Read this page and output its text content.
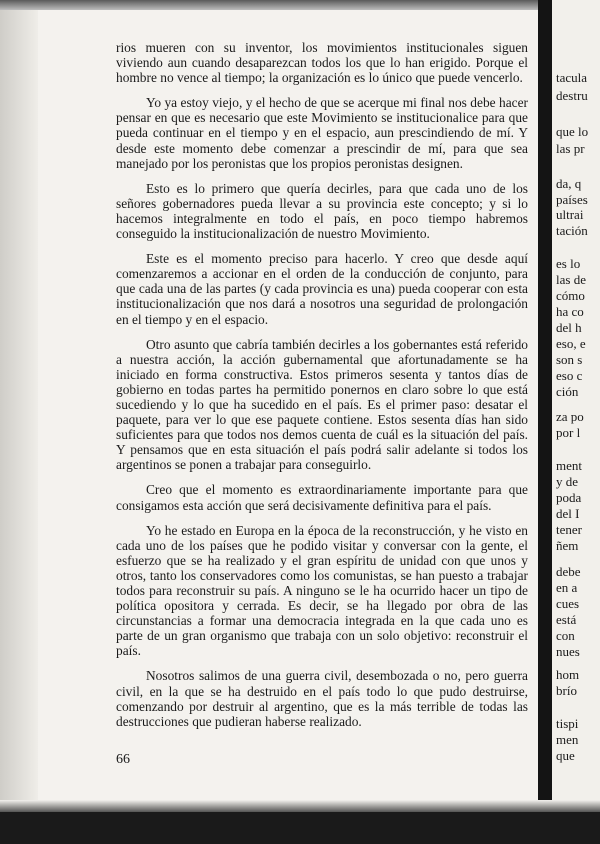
rios mueren con su inventor, los movimientos institucionales siguen viviendo aun cuando desaparezcan todos los que lo han erigido. Porque el hombre no vence al tiempo; la organización es lo único que puede vencerlo.

Yo ya estoy viejo, y el hecho de que se acerque mi final nos debe hacer pensar en que es necesario que este Movimiento se institucionalice para que pueda continuar en el tiempo y en el espacio, aun prescindiendo de mí. Y desde este momento debe comenzar a prescindir de mí, para que sea manejado por los peronistas que los propios peronistas designen.

Esto es lo primero que quería decirles, para que cada uno de los señores gobernadores pueda llevar a su provincia este concepto; y si lo hacemos integralmente en todo el país, en poco tiempo habremos conseguido la institucionalización de nuestro Movimiento.

Este es el momento preciso para hacerlo. Y creo que desde aquí comenzaremos a accionar en el orden de la conducción de conjunto, para que cada una de las partes (y cada provincia es una) pueda cooperar con esta institucionalización que nos dará a nosotros una seguridad de prolongación en el tiempo y en el espacio.

Otro asunto que cabría también decirles a los gobernantes está referido a nuestra acción, la acción gubernamental que afortunadamente se ha iniciado en forma constructiva. Estos primeros sesenta y tantos días de gobierno en todas partes ha permitido ponernos en claro sobre lo que está sucediendo y lo que ha sucedido en el país. Es el primer paso: desatar el paquete, para ver lo que ese paquete contiene. Estos sesenta días han sido suficientes para que todos nos demos cuenta de cuál es la situación del país. Y pensamos que en esta situación el país podrá salir adelante si todos los argentinos se ponen a trabajar para conseguirlo.

Creo que el momento es extraordinariamente importante para que consigamos esta acción que será decisivamente definitiva para el país.

Yo he estado en Europa en la época de la reconstrucción, y he visto en cada uno de los países que he podido visitar y conversar con la gente, el esfuerzo que se ha realizado y el gran espíritu de unidad con que unos y otros, tanto los conservadores como los comunistas, se han puesto a trabajar todos para reconstruir su país. A ninguno se le ha ocurrido hacer un tipo de política opositora y cerrada. Es decir, se ha llegado por obra de las circunstancias a formar una democracia integrada en la que cada uno es parte de un gran organismo que trabaja con un solo objetivo: reconstruir el país.

Nosotros salimos de una guerra civil, desembozada o no, pero guerra civil, en la que se ha destruido en el país todo lo que pudo destruirse, comenzando por destruir al argentino, que es la más terrible de todas las destrucciones que pudieran haberse realizado.

66
tacula
destru
que lo
las pr
da, q
países
ultrai
tación
es lo
las de
cómo
ha co
del h
eso, e
son s
eso c
ción
za po
por l
ment
y de
poda
del I
tener
ñem
debe
en a
cues
está
con
nues
hom
brío
tispi
men
que
